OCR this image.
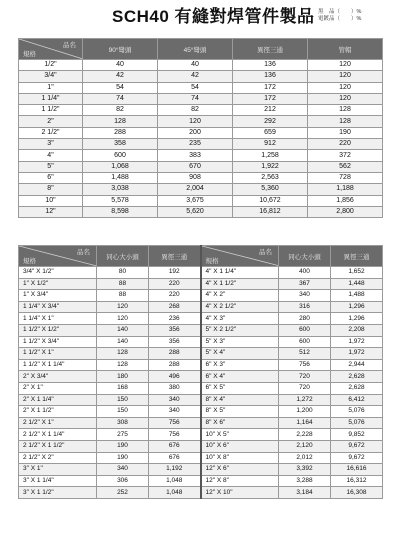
SCH40 有縫對焊管件製品 黑　品（   ）%
電鍍品（   ）%
品名
規格	90°彎頭	45°彎頭	異徑三通	管帽
1/2"	40	40	136	120
3/4"	42	42	136	120
1"	54	54	172	120
1 1/4"	74	74	172	120
1 1/2"	82	82	212	128
2"	128	120	292	128
2 1/2"	288	200	659	190
3"	358	235	912	220
4"	600	383	1,258	372
5"	1,068	670	1,922	562
6"	1,488	908	2,563	728
8"	3,038	2,004	5,360	1,188
10"	5,578	3,675	10,672	1,856
12"	8,598	5,620	16,812	2,800
品名
規格	同心大小頭	異徑三通	品名
規格	同心大小頭	異徑三通
3/4" X 1/2"	80	192	4" X 1 1/4"	400	1,652
1" X 1/2"	88	220	4" X 1 1/2"	367	1,448
1" X 3/4"	88	220	4" X 2"	340	1,488
1 1/4" X 3/4"	120	268	4" X 2 1/2"	316	1,296
1 1/4" X 1"	120	236	4" X 3"	280	1,296
1 1/2" X 1/2"	140	356	5" X 2 1/2"	600	2,208
1 1/2" X 3/4"	140	356	5" X 3"	600	1,972
1 1/2" X 1"	128	288	5" X 4"	512	1,972
1 1/2" X 1 1/4"	128	288	6" X 3"	756	2,944
2" X 3/4"	180	496	6" X 4"	720	2,628
2" X 1"	168	380	6" X 5"	720	2,628
2" X 1 1/4"	150	340	8" X 4"	1,272	6,412
2" X 1 1/2"	150	340	8" X 5"	1,200	5,076
2 1/2" X 1"	308	756	8" X 6"	1,164	5,076
2 1/2" X 1 1/4"	275	756	10" X 5"	2,228	9,852
2 1/2" X 1 1/2"	190	676	10" X 6"	2,120	9,672
2 1/2" X 2"	190	676	10" X 8"	2,012	9,672
3" X 1"	340	1,192	12" X 6"	3,392	16,616
3" X 1 1/4"	306	1,048	12" X 8"	3,288	16,312
3" X 1 1/2"	252	1,048	12" X 10"	3,184	16,308
